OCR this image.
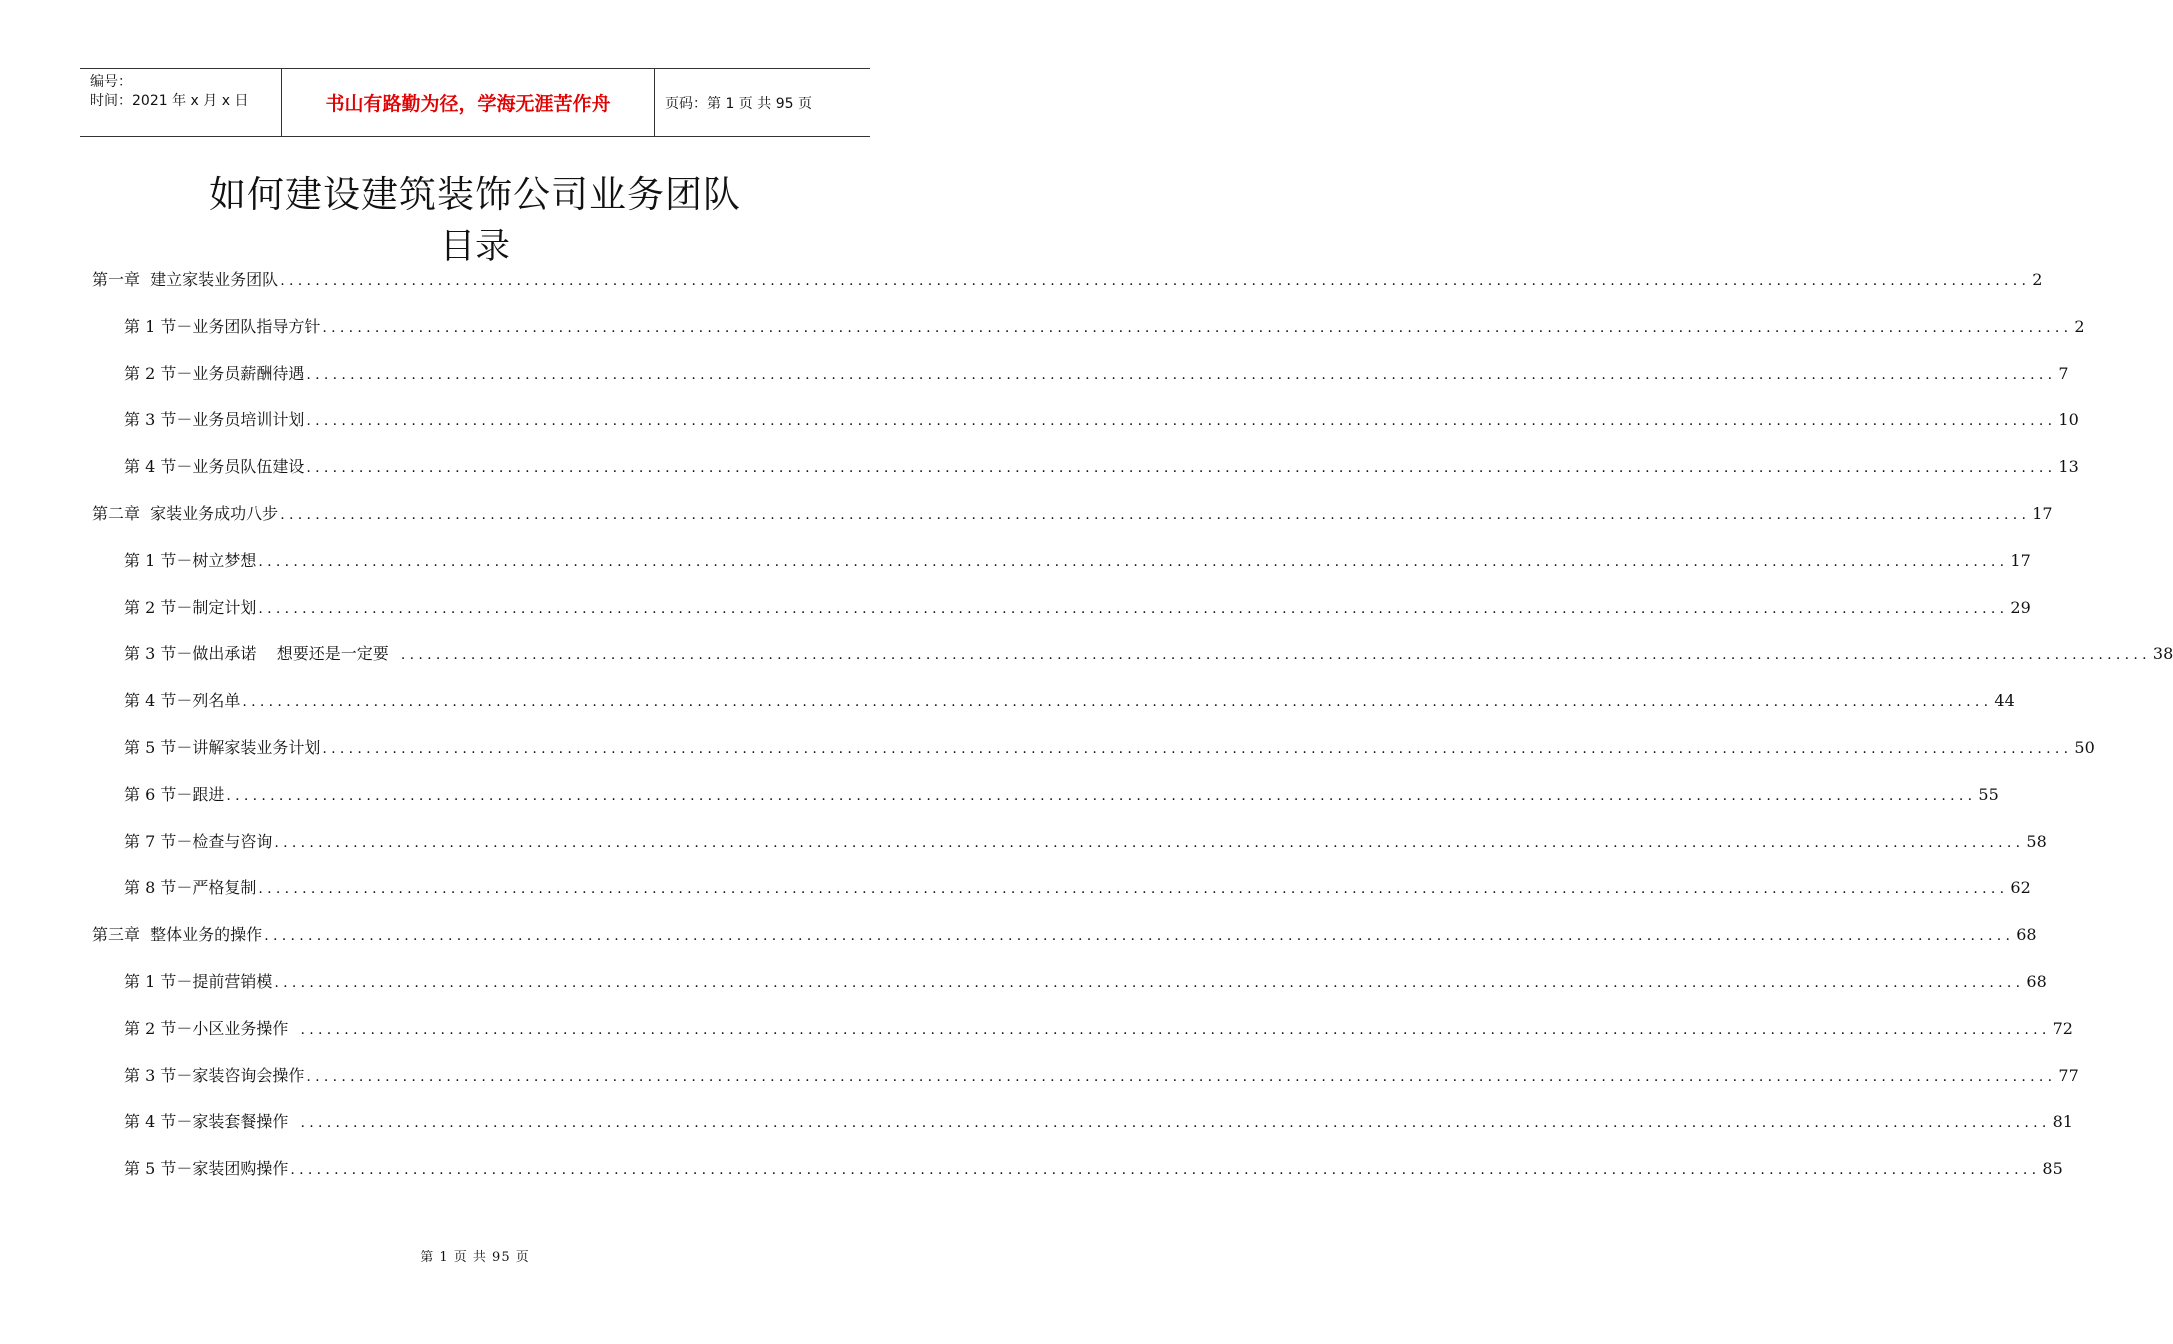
编号：
时间：2021 年 x 月 x 日	书山有路勤为径，学海无涯苦作舟	页码：第 1 页 共 95 页
如何建设建筑装饰公司业务团队
目录
第一章  建立家装业务团队 ........................................................................................................................................................................................................ 2
第 1 节－业务团队指导方针 ........................................................................................................................................................................................................ 2
第 2 节－业务员薪酬待遇 ........................................................................................................................................................................................................ 7
第 3 节－业务员培训计划 ........................................................................................................................................................................................................ 10
第 4 节－业务员队伍建设 ........................................................................................................................................................................................................ 13
第二章  家装业务成功八步 ........................................................................................................................................................................................................ 17
第 1 节－树立梦想 ........................................................................................................................................................................................................ 17
第 2 节－制定计划 ........................................................................................................................................................................................................ 29
第 3 节－做出承诺    想要还是一定要 ........................................................................................................................................................................................................ 38
第 4 节－列名单 ........................................................................................................................................................................................................ 44
第 5 节－讲解家装业务计划 ........................................................................................................................................................................................................ 50
第 6 节－跟进 ........................................................................................................................................................................................................ 55
第 7 节－检查与咨询 ........................................................................................................................................................................................................ 58
第 8 节－严格复制 ........................................................................................................................................................................................................ 62
第三章  整体业务的操作 ........................................................................................................................................................................................................ 68
第 1 节－提前营销模 ........................................................................................................................................................................................................ 68
第 2 节－小区业务操作 ........................................................................................................................................................................................................ 72
第 3 节－家装咨询会操作 ........................................................................................................................................................................................................ 77
第 4 节－家装套餐操作 ........................................................................................................................................................................................................ 81
第 5 节－家装团购操作 ........................................................................................................................................................................................................ 85
第 1 页 共 95 页
